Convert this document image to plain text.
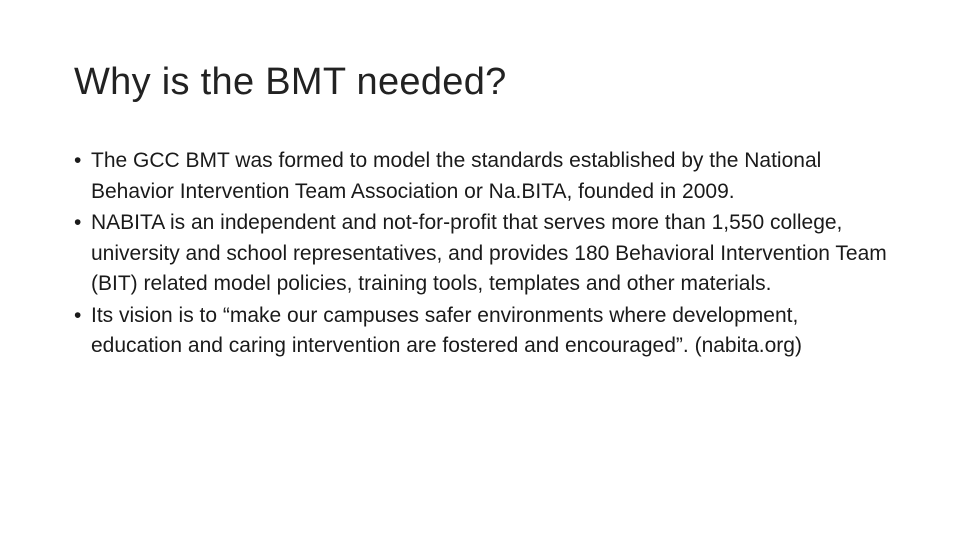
Why is the BMT needed?
• The GCC BMT was formed to model the standards established by the National Behavior Intervention Team Association or Na.BITA, founded in 2009.
• NABITA is an independent and not-for-profit that serves more than 1,550 college, university and school representatives, and provides 180 Behavioral Intervention Team (BIT) related model policies, training tools, templates and other materials.
• Its vision is to “make our campuses safer environments where development, education and caring intervention are fostered and encouraged”. (nabita.org)
